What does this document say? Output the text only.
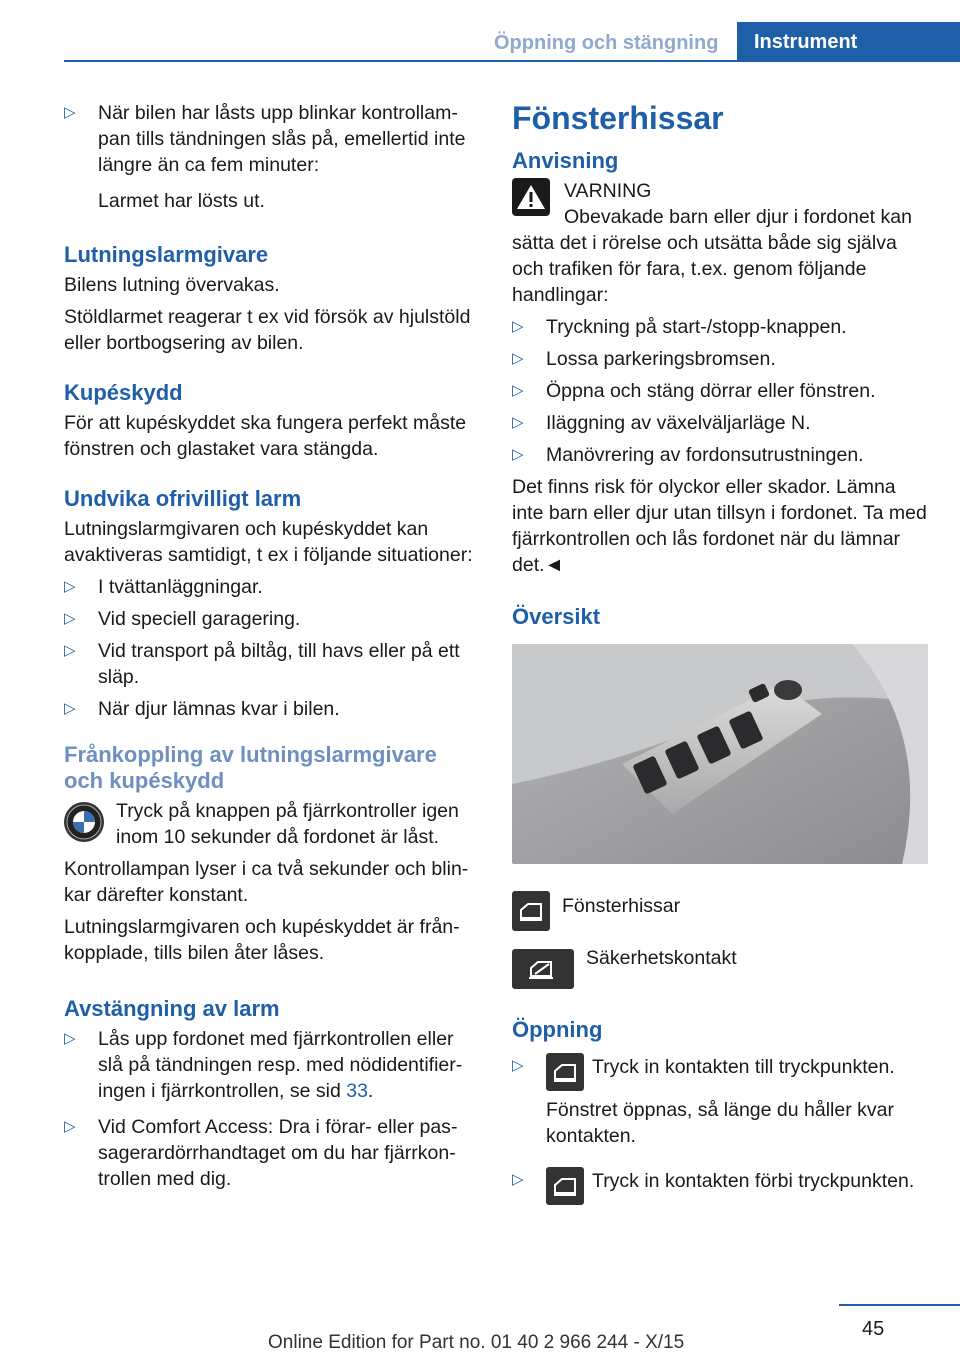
Öppning och stängning	Instrument
▷ När bilen har låsts upp blinkar kontrollampan tills tändningen slås på, emellertid inte längre än ca fem minuter:
Larmet har lösts ut.
Lutningslarmgivare

Bilens lutning övervakas.

Stöldlarmet reagerar t ex vid försök av hjulstöld eller bortbogsering av bilen.

Kupéskydd

För att kupéskyddet ska fungera perfekt måste fönstren och glastaket vara stängda.

Undvika ofrivilligt larm

Lutningslarmgivaren och kupéskyddet kan avaktiveras samtidigt, t ex i följande situationer:

▷ I tvättanläggningar.
▷ Vid speciell garagering.
▷ Vid transport på biltåg, till havs eller på ett släp.
▷ När djur lämnas kvar i bilen.
Frånkoppling av lutningslarmgivare och kupéskydd
Tryck på knappen på fjärrkontroller igen inom 10 sekunder då fordonet är låst.

Kontrollampan lyser i ca två sekunder och blinkar därefter konstant.

Lutningslarmgivaren och kupéskyddet är frånkopplade, tills bilen åter låses.

Avstängning av larm
▷ Lås upp fordonet med fjärrkontrollen eller slå på tändningen resp. med nödidentifieringen i fjärrkontrollen, se sid 33.
▷ Vid Comfort Access: Dra i förar- eller passagerardörrhandtaget om du har fjärrkontrollen med dig.
Fönsterhissar
Anvisning
VARNING

Obevakade barn eller djur i fordonet kan sätta det i rörelse och utsätta både sig själva och trafiken för fara, t.ex. genom följande handlingar:

▷ Tryckning på start-/stopp-knappen.
▷ Lossa parkeringsbromsen.
▷ Öppna och stäng dörrar eller fönstren.
▷ Iläggning av växelväljarläge N.
▷ Manövrering av fordonsutrustningen.

Det finns risk för olyckor eller skador. Lämna inte barn eller djur utan tillsyn i fordonet. Ta med fjärrkontrollen och lås fordonet när du lämnar det.◄

Översikt
Fönsterhissar
Säkerhetskontakt
Öppning
▷ Tryck in kontakten till tryckpunkten.
Fönstret öppnas, så länge du håller kvar kontakten.
▷ Tryck in kontakten förbi tryckpunkten.
45
Online Edition for Part no. 01 40 2 966 244 - X/15
